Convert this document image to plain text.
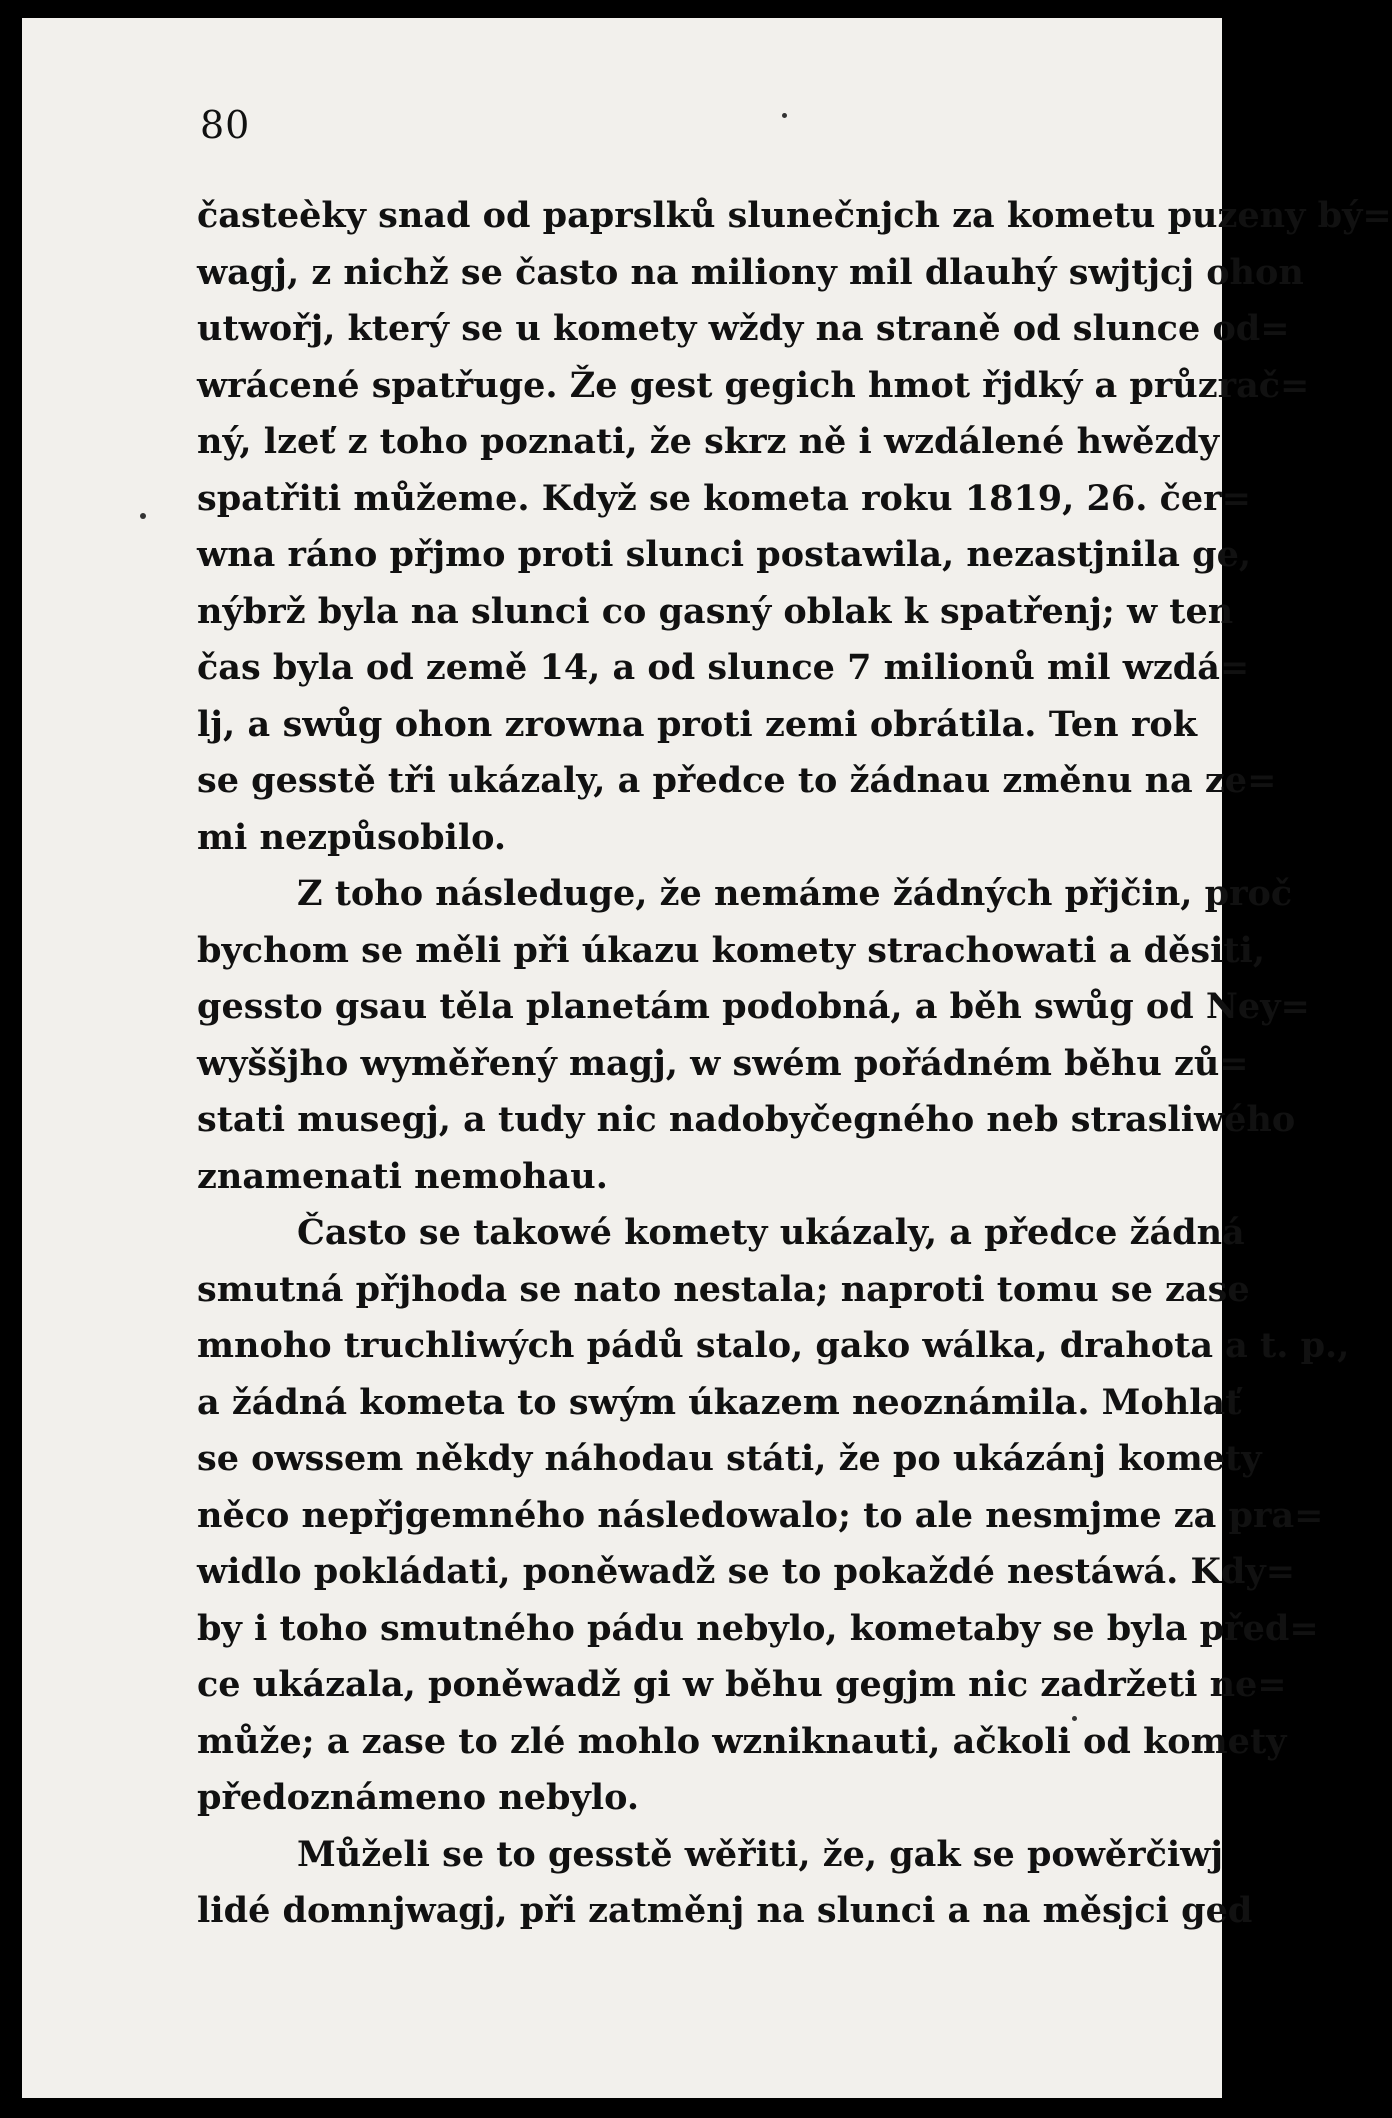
80
časteèky snad od paprslků slunečnjch za kometu puzeny bý=
wagj, z nichž se často na miliony mil dlauhý swjtjcj ohon
utwořj, který se u komety wždy na straně od slunce od=
wrácené spatřuge. Že gest gegich hmot řjdký a průzrač=
ný, lzeť z toho poznati, že skrz ně i wzdálené hwězdy
spatřiti můžeme. Když se kometa roku 1819, 26. čer=
wna ráno přjmo proti slunci postawila, nezastjnila ge,
nýbrž byla na slunci co gasný oblak k spatřenj; w ten
čas byla od země 14, a od slunce 7 milionů mil wzdá=
lj, a swůg ohon zrowna proti zemi obrátila. Ten rok
se gesstě tři ukázaly, a předce to žádnau změnu na ze=
mi nezpůsobilo.
Z toho následuge, že nemáme žádných přjčin, proč
bychom se měli při úkazu komety strachowati a děsiti,
gessto gsau těla planetám podobná, a běh swůg od Ney=
wyššjho wyměřený magj, w swém pořádném běhu zů=
stati musegj, a tudy nic nadobyčegného neb strasliwého
znamenati nemohau.
Často se takowé komety ukázaly, a předce žádná
smutná přjhoda se nato nestala; naproti tomu se zase
mnoho truchliwých pádů stalo, gako wálka, drahota a t. p.,
a žádná kometa to swým úkazem neoznámila. Mohlať
se owssem někdy náhodau státi, že po ukázánj komety
něco nepřjgemného následowalo; to ale nesmjme za pra=
widlo pokládati, poněwadž se to pokaždé nestáwá. Kdy=
by i toho smutného pádu nebylo, kometaby se byla před=
ce ukázala, poněwadž gi w běhu gegjm nic zadržeti ne=
může; a zase to zlé mohlo wzniknauti, ačkoli od komety
předoznámeno nebylo.
Můželi se to gesstě wěřiti, že, gak se powěrčiwj
lidé domnjwagj, při zatměnj na slunci a na měsjci ged
